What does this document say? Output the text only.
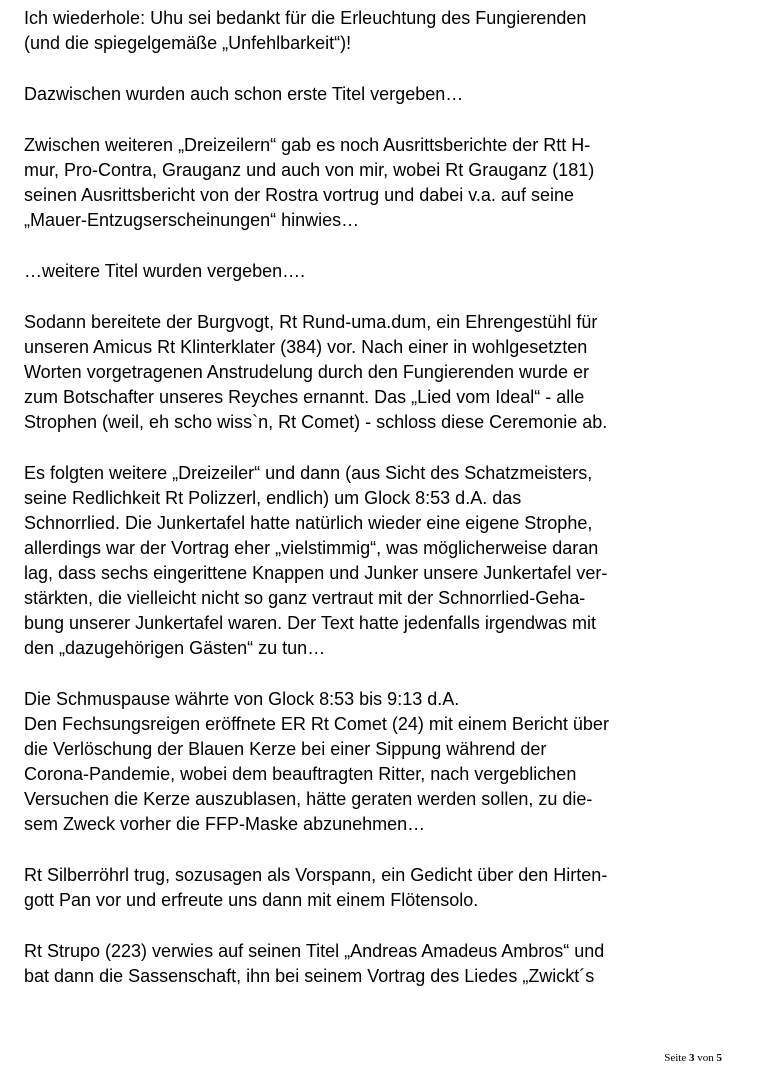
Ich wiederhole: Uhu sei bedankt für die Erleuchtung des Fungierenden
(und die spiegelgemäße „Unfehlbarkeit“)!
Dazwischen wurden auch schon erste Titel vergeben…
Zwischen weiteren „Dreizeilern“ gab es noch Ausrittsberichte der Rtt H-
mur, Pro-Contra, Grauganz und auch von mir, wobei Rt Grauganz (181)
seinen Ausrittsbericht von der Rostra vortrug und dabei v.a. auf seine
„Mauer-Entzugserscheinungen“ hinwies…
…weitere Titel wurden vergeben….
Sodann bereitete der Burgvogt, Rt Rund-uma.dum, ein Ehrengestühl für
unseren Amicus Rt Klinterklater (384) vor. Nach einer in wohlgesetzten
Worten vorgetragenen Anstrudelung durch den Fungierenden wurde er
zum Botschafter unseres Reyches ernannt. Das „Lied vom Ideal“ - alle
Strophen (weil, eh scho wiss`n, Rt Comet) - schloss diese Ceremonie ab.
Es folgten weitere „Dreizeiler“ und dann (aus Sicht des Schatzmeisters,
seine Redlichkeit Rt Polizzerl, endlich) um Glock 8:53 d.A. das
Schnorrlied. Die Junkertafel hatte natürlich wieder eine eigene Strophe,
allerdings war der Vortrag eher „vielstimmig“, was möglicherweise daran
lag, dass sechs eingerittene Knappen und Junker unsere Junkertafel ver-
stärkten, die vielleicht nicht so ganz vertraut mit der Schnorrlied-Geha-
bung unserer Junkertafel waren. Der Text hatte jedenfalls irgendwas mit
den „dazugehörigen Gästen“ zu tun…
Die Schmuspause währte von Glock 8:53 bis 9:13 d.A.
Den Fechsungsreigen eröffnete ER Rt Comet (24) mit einem Bericht über
die Verlöschung der Blauen Kerze bei einer Sippung während der
Corona-Pandemie, wobei dem beauftragten Ritter, nach vergeblichen
Versuchen die Kerze auszublasen, hätte geraten werden sollen, zu die-
sem Zweck vorher die FFP-Maske abzunehmen…
Rt Silberröhrl trug, sozusagen als Vorspann, ein Gedicht über den Hirten-
gott Pan vor und erfreute uns dann mit einem Flötensolo.
Rt Strupo (223) verwies auf seinen Titel „Andreas Amadeus Ambros“ und
bat dann die Sassenschaft, ihn bei seinem Vortrag des Liedes „Zwickt´s
Seite 3 von 5
